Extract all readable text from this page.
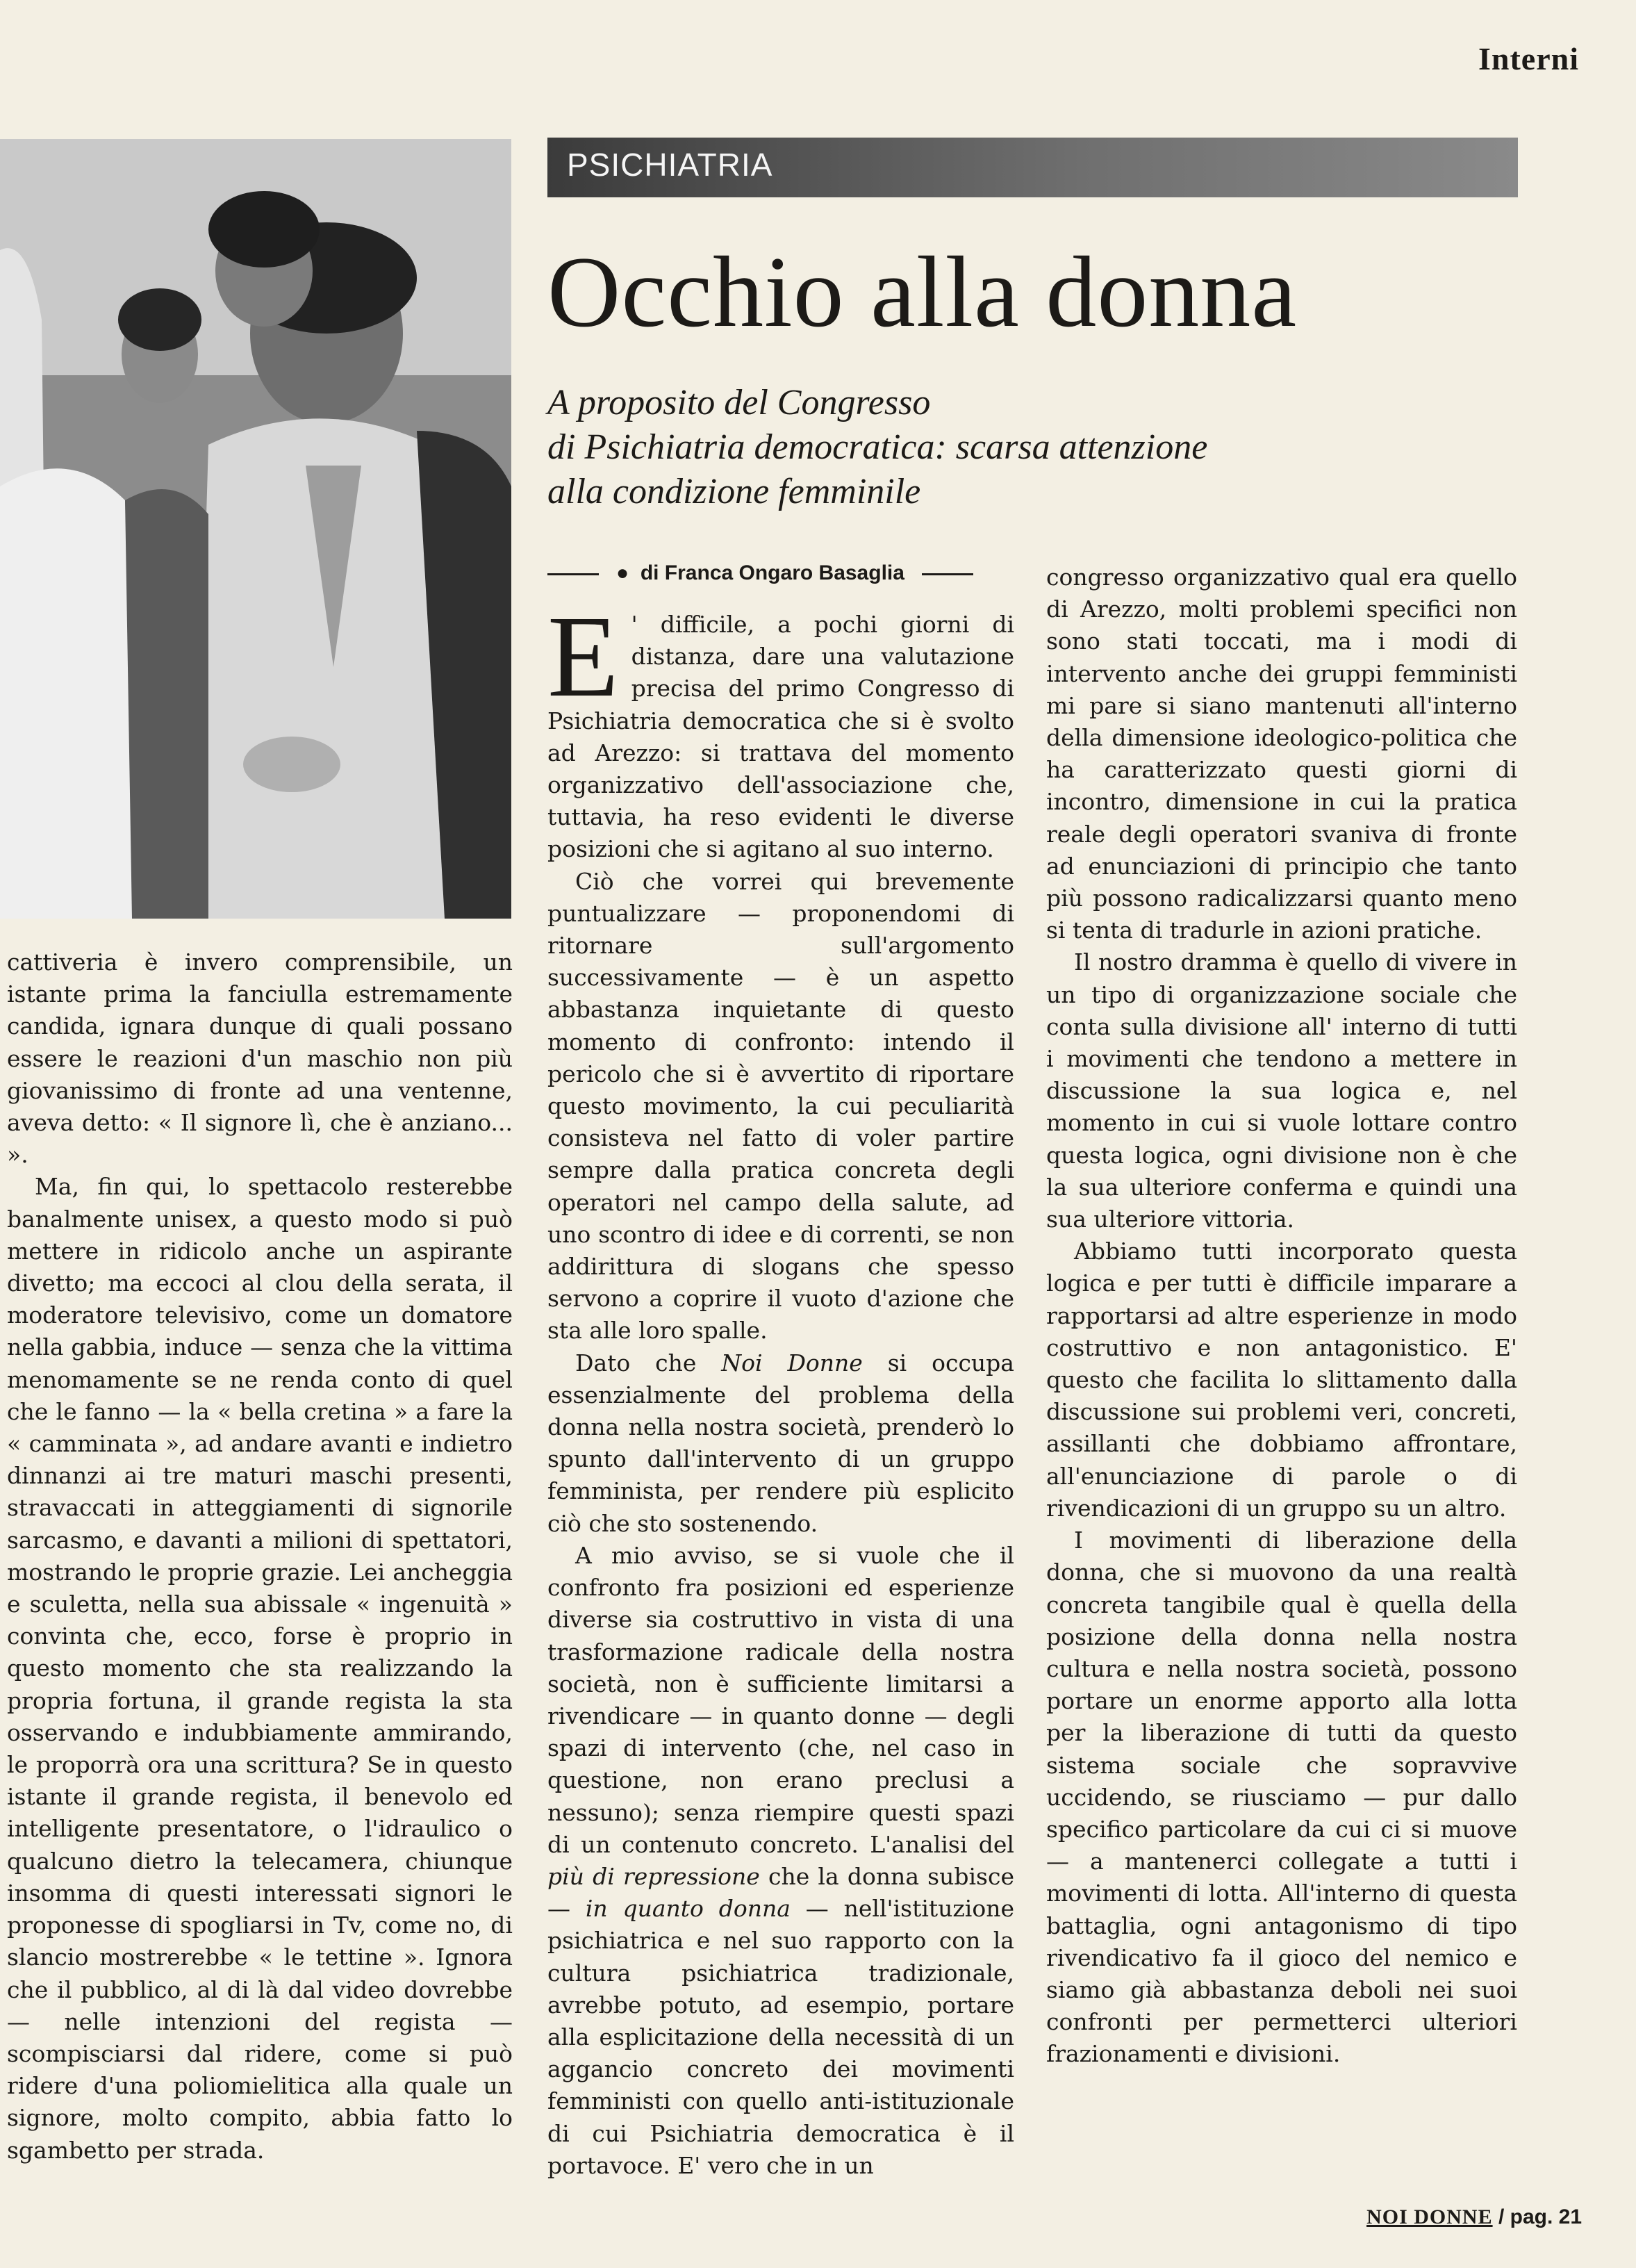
Interni
PSICHIATRIA
Occhio alla donna
A proposito del Congresso
di Psichiatria democratica: scarsa attenzione
alla condizione femminile
●  di Franca Ongaro Basaglia

cattiveria è invero comprensibile, un istante prima la fanciulla estremamente candida, ignara dunque di quali possano essere le reazioni d'un maschio non più giovanissimo di fronte ad una ventenne, aveva detto: « Il signore lì, che è anziano... ».

Ma, fin qui, lo spettacolo resterebbe banalmente unisex, a questo modo si può mettere in ridicolo anche un aspirante divetto; ma eccoci al clou della serata, il moderatore televisivo, come un domatore nella gabbia, induce — senza che la vittima menomamente se ne renda conto di quel che le fanno — la « bella cretina » a fare la « camminata », ad andare avanti e indietro dinnanzi ai tre maturi maschi presenti, stravaccati in atteggiamenti di signorile sarcasmo, e davanti a milioni di spettatori, mostrando le proprie grazie. Lei ancheggia e sculetta, nella sua abissale « ingenuità » convinta che, ecco, forse è proprio in questo momento che sta realizzando la propria fortuna, il grande regista la sta osservando e indubbiamente ammirando, le proporrà ora una scrittura? Se in questo istante il grande regista, il benevolo ed intelligente presentatore, o l'idraulico o qualcuno dietro la telecamera, chiunque insomma di questi interessati signori le proponesse di spogliarsi in Tv, come no, di slancio mostrerebbe « le tettine ». Ignora che il pubblico, al di là dal video dovrebbe — nelle intenzioni del regista — scompisciarsi dal ridere, come si può ridere d'una poliomielitica alla quale un signore, molto compito, abbia fatto lo sgambetto per strada.

E ' difficile, a pochi giorni di distanza, dare una valutazione precisa del primo Congresso di Psichiatria democratica che si è svolto ad Arezzo: si trattava del momento organizzativo dell'associazione che, tuttavia, ha reso evidenti le diverse posizioni che si agitano al suo interno.

Ciò che vorrei qui brevemente puntualizzare — proponendomi di ritornare sull'argomento successivamente — è un aspetto abbastanza inquietante di questo momento di confronto: intendo il pericolo che si è avvertito di riportare questo movimento, la cui peculiarità consisteva nel fatto di voler partire sempre dalla pratica concreta degli operatori nel campo della salute, ad uno scontro di idee e di correnti, se non addirittura di slogans che spesso servono a coprire il vuoto d'azione che sta alle loro spalle.

Dato che Noi Donne si occupa essenzialmente del problema della donna nella nostra società, prenderò lo spunto dall'intervento di un gruppo femminista, per rendere più esplicito ciò che sto sostenendo.

A mio avviso, se si vuole che il confronto fra posizioni ed esperienze diverse sia costruttivo in vista di una trasformazione radicale della nostra società, non è sufficiente limitarsi a rivendicare — in quanto donne — degli spazi di intervento (che, nel caso in questione, non erano preclusi a nessuno); senza riempire questi spazi di un contenuto concreto. L'analisi del più di repressione che la donna subisce — in quanto donna — nell'istituzione psichiatrica e nel suo rapporto con la cultura psichiatrica tradizionale, avrebbe potuto, ad esempio, portare alla esplicitazione della necessità di un aggancio concreto dei movimenti femministi con quello anti-istituzionale di cui Psichiatria democratica è il portavoce. E' vero che in un

congresso organizzativo qual era quello di Arezzo, molti problemi specifici non sono stati toccati, ma i modi di intervento anche dei gruppi femministi mi pare si siano mantenuti all'interno della dimensione ideologico-politica che ha caratterizzato questi giorni di incontro, dimensione in cui la pratica reale degli operatori svaniva di fronte ad enunciazioni di principio che tanto più possono radicalizzarsi quanto meno si tenta di tradurle in azioni pratiche.

Il nostro dramma è quello di vivere in un tipo di organizzazione sociale che conta sulla divisione all' interno di tutti i movimenti che tendono a mettere in discussione la sua logica e, nel momento in cui si vuole lottare contro questa logica, ogni divisione non è che la sua ulteriore conferma e quindi una sua ulteriore vittoria.

Abbiamo tutti incorporato questa logica e per tutti è difficile imparare a rapportarsi ad altre esperienze in modo costruttivo e non antagonistico. E' questo che facilita lo slittamento dalla discussione sui problemi veri, concreti, assillanti che dobbiamo affrontare, all'enunciazione di parole o di rivendicazioni di un gruppo su un altro.

I movimenti di liberazione della donna, che si muovono da una realtà concreta tangibile qual è quella della posizione della donna nella nostra cultura e nella nostra società, possono portare un enorme apporto alla lotta per la liberazione di tutti da questo sistema sociale che sopravvive uccidendo, se riusciamo — pur dallo specifico particolare da cui ci si muove — a mantenerci collegate a tutti i movimenti di lotta. All'interno di questa battaglia, ogni antagonismo di tipo rivendicativo fa il gioco del nemico e siamo già abbastanza deboli nei suoi confronti per permetterci ulteriori frazionamenti e divisioni.

NOI DONNE / pag. 21
